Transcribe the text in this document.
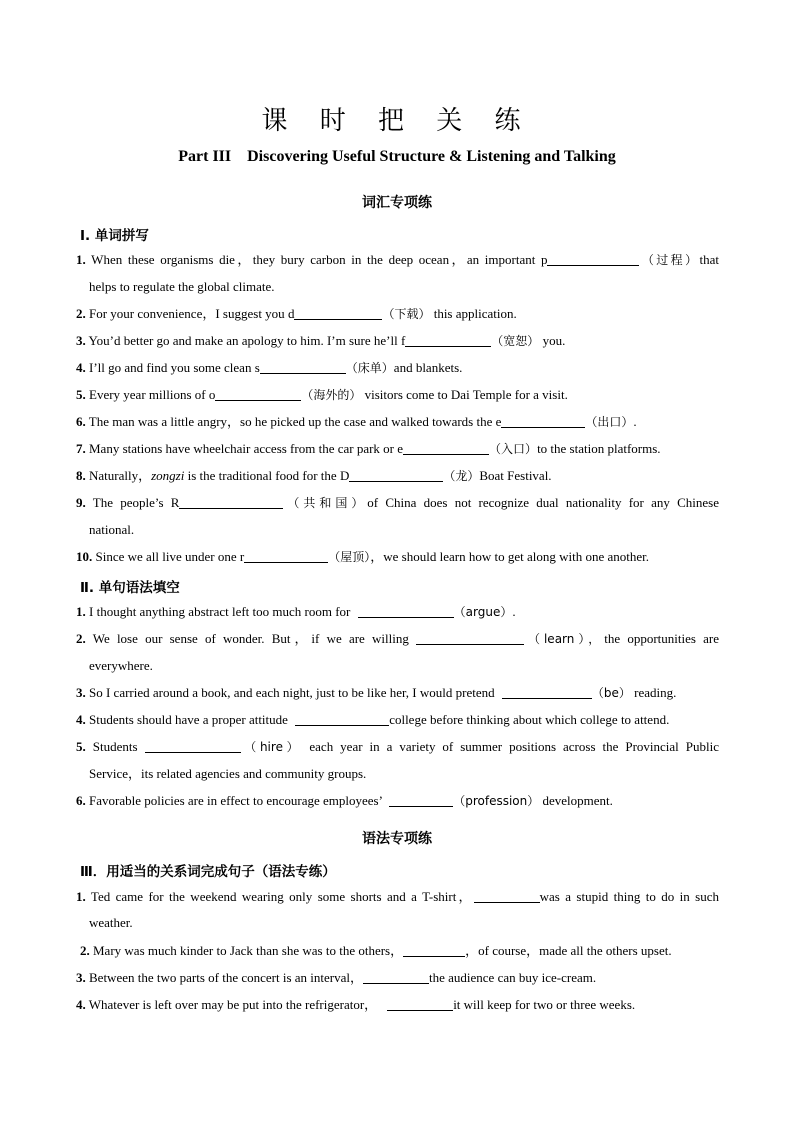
课 时 把 关 练
Part III    Discovering Useful Structure & Listening and Talking
词汇专项练
Ⅰ. 单词拼写
1. When these organisms die，they bury carbon in the deep ocean，an important p	（过程）that
helps to regulate the global climate.
2. For your convenience，I suggest you d	（下载） this application.
3. You’d better go and make an apology to him. I’m sure he’ll f	（宽恕） you.
4. I’ll go and find you some clean s	（床单）and blankets.
5. Every year millions of o	（海外的） visitors come to Dai Temple for a visit.
6. The man was a little angry，so he picked up the case and walked towards the e	（出口）.
7. Many stations have wheelchair access from the car park or e	（入口）to the station platforms.
8. Naturally，zongzi is the traditional food for the D	（龙）Boat Festival.
9. The people’s R	（共和国）of China does not recognize dual nationality for any Chinese
national.
10. Since we all live under one r	（屋顶），we should learn how to get along with one another.
Ⅱ. 单句语法填空
1. I thought anything abstract left too much room for	（argue）.
2. We lose our sense of wonder. But，if we are willing	（learn），the opportunities are
everywhere.
3. So I carried around a book, and each night, just to be like her, I would pretend	（be） reading.
4. Students should have a proper attitude	college before thinking about which college to attend.
5. Students	（hire） each year in a variety of summer positions across the Provincial Public
Service，its related agencies and community groups.
6. Favorable policies are in effect to encourage employees’	（profession） development.
语法专项练
Ⅲ．用适当的关系词完成句子（语法专练）
1. Ted came for the weekend wearing only some shorts and a T-shirt，	was a stupid thing to do in such
weather.
2. Mary was much kinder to Jack than she was to the others，	，of course，made all the others upset.
3. Between the two parts of the concert is an interval，	the audience can buy ice-cream.
4. Whatever is left over may be put into the refrigerator，	it will keep for two or three weeks.
